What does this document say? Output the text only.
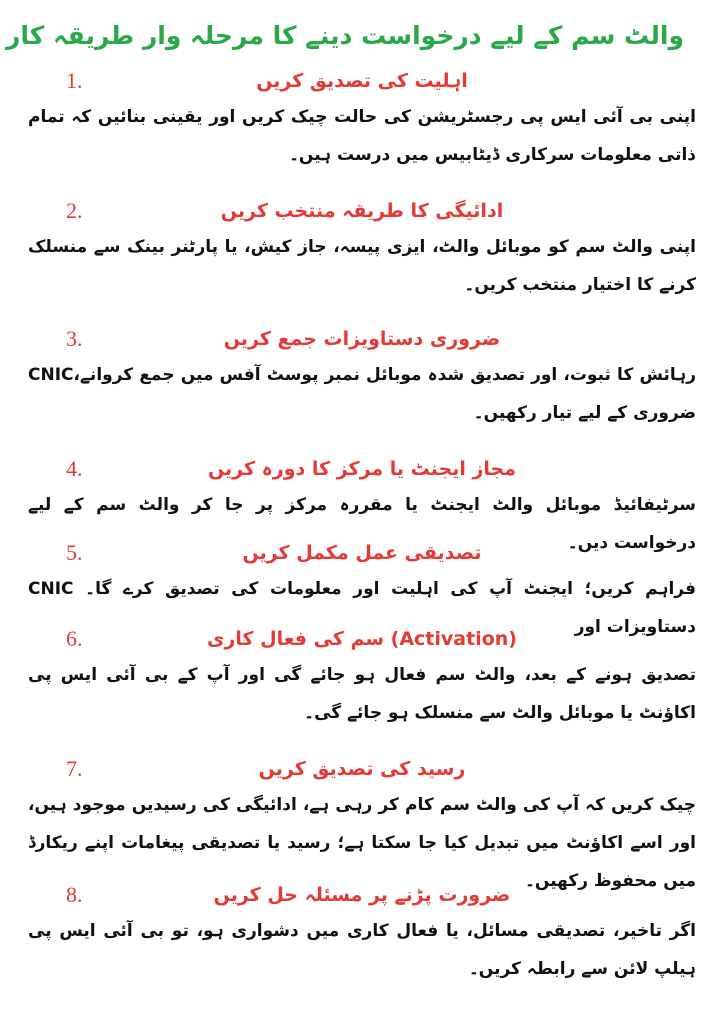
والٹ سم کے لیے درخواست دینے کا مرحلہ وار طریقہ کار
1.	اہلیت کی تصدیق کریں
اپنی بی آئی ایس پی رجسٹریشن کی حالت چیک کریں اور یقینی بنائیں کہ تمام ذاتی معلومات سرکاری ڈیٹابیس میں درست ہیں۔
2.	ادائیگی کا طریقہ منتخب کریں
اپنی والٹ سم کو موبائل والٹ، ایزی پیسہ، جاز کیش، یا پارٹنر بینک سے منسلک کرنے کا اختیار منتخب کریں۔
3.	ضروری دستاویزات جمع کریں
رہائش کا ثبوت، اور تصدیق شدہ موبائل نمبر پوسٹ آفس میں جمع کروانے،CNIC ضروری کے لیے تیار رکھیں۔
4.	مجاز ایجنٹ یا مرکز کا دورہ کریں
سرٹیفائیڈ موبائل والٹ ایجنٹ یا مقررہ مرکز پر جا کر والٹ سم کے لیے درخواست دیں۔
5.	تصدیقی عمل مکمل کریں
فراہم کریں؛ ایجنٹ آپ کی اہلیت اور معلومات کی تصدیق کرے گا۔ CNIC دستاویزات اور
6.	(Activation) سم کی فعال کاری
تصدیق ہونے کے بعد، والٹ سم فعال ہو جائے گی اور آپ کے بی آئی ایس پی اکاؤنٹ یا موبائل والٹ سے منسلک ہو جائے گی۔
7.	رسید کی تصدیق کریں
چیک کریں کہ آپ کی والٹ سم کام کر رہی ہے، ادائیگی کی رسیدیں موجود ہیں، اور اسے اکاؤنٹ میں تبدیل کیا جا سکتا ہے؛ رسید یا تصدیقی پیغامات اپنے ریکارڈ میں محفوظ رکھیں۔
8.	ضرورت پڑنے پر مسئلہ حل کریں
اگر تاخیر، تصدیقی مسائل، یا فعال کاری میں دشواری ہو، تو بی آئی ایس پی ہیلپ لائن سے رابطہ کریں۔
